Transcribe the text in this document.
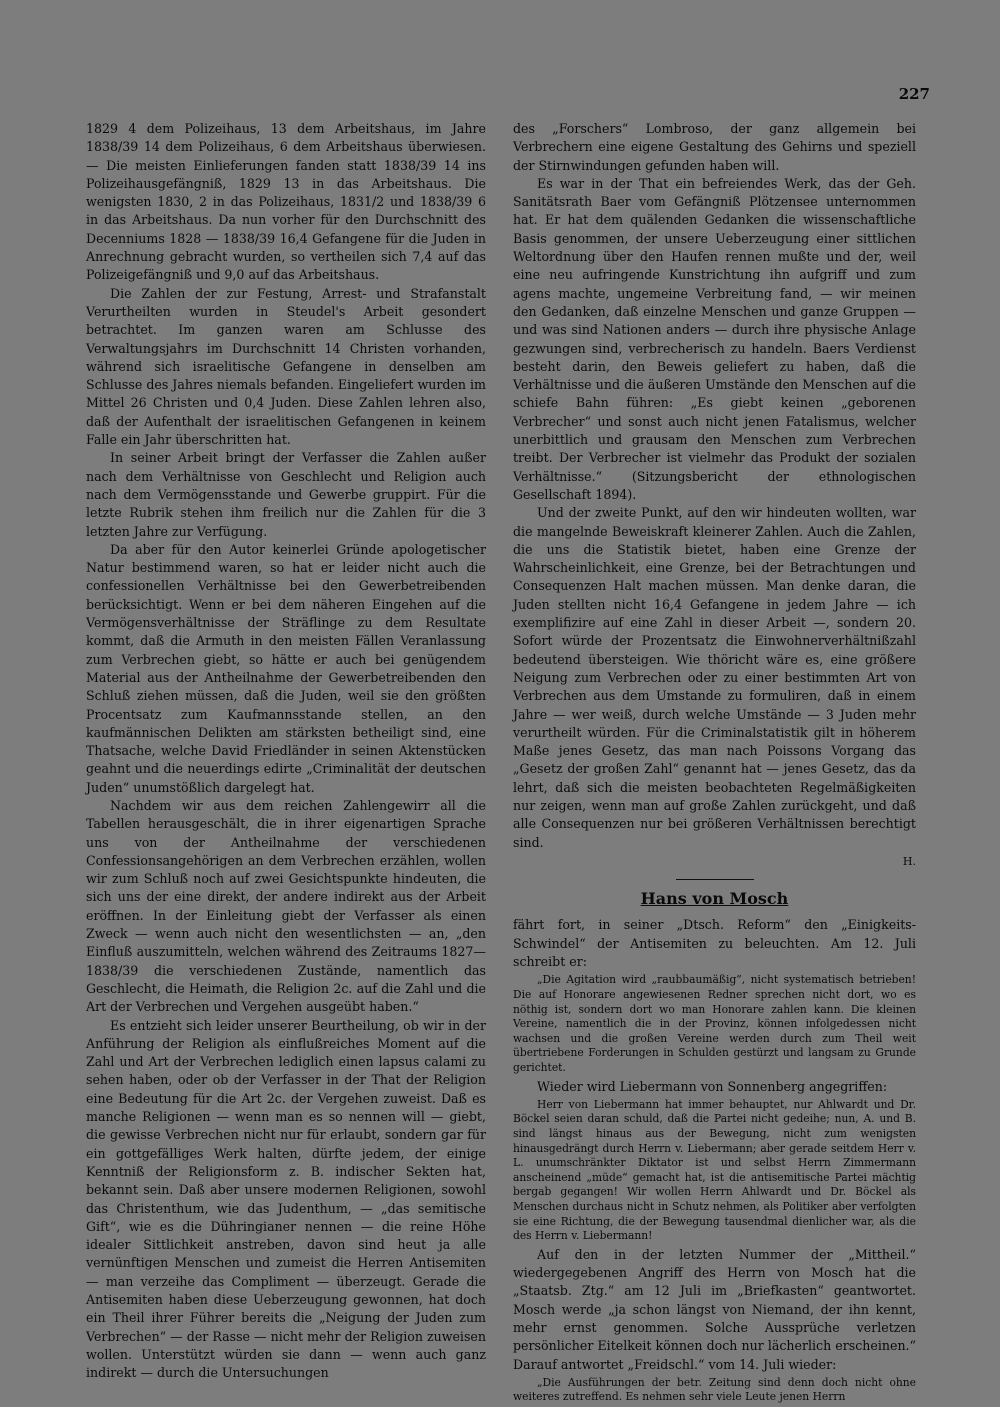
227

1829 4 dem Polizeihaus, 13 dem Arbeitshaus, im Jahre 1838/39 14 dem Polizeihaus, 6 dem Arbeitshaus überwiesen. — Die meisten Einlieferungen fanden statt 1838/39 14 ins Polizeihausgefängniß, 1829 13 in das Arbeitshaus. Die wenigsten 1830, 2 in das Polizeihaus, 1831/2 und 1838/39 6 in das Arbeitshaus. Da nun vorher für den Durchschnitt des Decenniums 1828 — 1838/39 16,4 Gefangene für die Juden in Anrechnung gebracht wurden, so vertheilen sich 7,4 auf das Polizeigefängniß und 9,0 auf das Arbeitshaus.

Die Zahlen der zur Festung, Arrest- und Strafanstalt Verurtheilten wurden in Steudel's Arbeit gesondert betrachtet. Im ganzen waren am Schlusse des Verwaltungsjahrs im Durchschnitt 14 Christen vorhanden, während sich israelitische Gefangene in denselben am Schlusse des Jahres niemals befanden. Eingeliefert wurden im Mittel 26 Christen und 0,4 Juden. Diese Zahlen lehren also, daß der Aufenthalt der israelitischen Gefangenen in keinem Falle ein Jahr überschritten hat.

In seiner Arbeit bringt der Verfasser die Zahlen außer nach dem Verhältnisse von Geschlecht und Religion auch nach dem Vermögensstande und Gewerbe gruppirt. Für die letzte Rubrik stehen ihm freilich nur die Zahlen für die 3 letzten Jahre zur Verfügung.

Da aber für den Autor keinerlei Gründe apologetischer Natur bestimmend waren, so hat er leider nicht auch die confessionellen Verhältnisse bei den Gewerbetreibenden berücksichtigt. Wenn er bei dem näheren Eingehen auf die Vermögensverhältnisse der Sträflinge zu dem Resultate kommt, daß die Armuth in den meisten Fällen Veranlassung zum Verbrechen giebt, so hätte er auch bei genügendem Material aus der Antheilnahme der Gewerbetreibenden den Schluß ziehen müssen, daß die Juden, weil sie den größten Procentsatz zum Kaufmannsstande stellen, an den kaufmännischen Delikten am stärksten betheiligt sind, eine Thatsache, welche David Friedländer in seinen Aktenstücken geahnt und die neuerdings edirte „Criminalität der deutschen Juden“ unumstößlich dargelegt hat.

Nachdem wir aus dem reichen Zahlengewirr all die Tabellen herausgeschält, die in ihrer eigenartigen Sprache uns von der Antheilnahme der verschiedenen Confessionsangehörigen an dem Verbrechen erzählen, wollen wir zum Schluß noch auf zwei Gesichtspunkte hindeuten, die sich uns der eine direkt, der andere indirekt aus der Arbeit eröffnen. In der Einleitung giebt der Verfasser als einen Zweck — wenn auch nicht den wesentlichsten — an, „den Einfluß auszumitteln, welchen während des Zeitraums 1827—1838/39 die verschiedenen Zustände, namentlich das Geschlecht, die Heimath, die Religion 2c. auf die Zahl und die Art der Verbrechen und Vergehen ausgeübt haben.“

Es entzieht sich leider unserer Beurtheilung, ob wir in der Anführung der Religion als einflußreiches Moment auf die Zahl und Art der Verbrechen lediglich einen lapsus calami zu sehen haben, oder ob der Verfasser in der That der Religion eine Bedeutung für die Art 2c. der Vergehen zuweist. Daß es manche Religionen — wenn man es so nennen will — giebt, die gewisse Verbrechen nicht nur für erlaubt, sondern gar für ein gottgefälliges Werk halten, dürfte jedem, der einige Kenntniß der Religionsform z. B. indischer Sekten hat, bekannt sein. Daß aber unsere modernen Religionen, sowohl das Christenthum, wie das Judenthum, — „das semitische Gift“, wie es die Dühringianer nennen — die reine Höhe idealer Sittlichkeit anstreben, davon sind heut ja alle vernünftigen Menschen und zumeist die Herren Antisemiten — man verzeihe das Compliment — überzeugt. Gerade die Antisemiten haben diese Ueberzeugung gewonnen, hat doch ein Theil ihrer Führer bereits die „Neigung der Juden zum Verbrechen“ — der Rasse — nicht mehr der Religion zuweisen wollen. Unterstützt würden sie dann — wenn auch ganz indirekt — durch die Untersuchungen

des „Forschers“ Lombroso, der ganz allgemein bei Verbrechern eine eigene Gestaltung des Gehirns und speziell der Stirnwindungen gefunden haben will.

Es war in der That ein befreiendes Werk, das der Geh. Sanitätsrath Baer vom Gefängniß Plötzensee unternommen hat. Er hat dem quälenden Gedanken die wissenschaftliche Basis genommen, der unsere Ueberzeugung einer sittlichen Weltordnung über den Haufen rennen mußte und der, weil eine neu aufringende Kunstrichtung ihn aufgriff und zum agens machte, ungemeine Verbreitung fand, — wir meinen den Gedanken, daß einzelne Menschen und ganze Gruppen — und was sind Nationen anders — durch ihre physische Anlage gezwungen sind, verbrecherisch zu handeln. Baers Verdienst besteht darin, den Beweis geliefert zu haben, daß die Verhältnisse und die äußeren Umstände den Menschen auf die schiefe Bahn führen: „Es giebt keinen „geborenen Verbrecher“ und sonst auch nicht jenen Fatalismus, welcher unerbittlich und grausam den Menschen zum Verbrechen treibt. Der Verbrecher ist vielmehr das Produkt der sozialen Verhältnisse.“ (Sitzungsbericht der ethnologischen Gesellschaft 1894).

Und der zweite Punkt, auf den wir hindeuten wollten, war die mangelnde Beweiskraft kleinerer Zahlen. Auch die Zahlen, die uns die Statistik bietet, haben eine Grenze der Wahrscheinlichkeit, eine Grenze, bei der Betrachtungen und Consequenzen Halt machen müssen. Man denke daran, die Juden stellten nicht 16,4 Gefangene in jedem Jahre — ich exemplifizire auf eine Zahl in dieser Arbeit —, sondern 20. Sofort würde der Prozentsatz die Einwohnerverhältnißzahl bedeutend übersteigen. Wie thöricht wäre es, eine größere Neigung zum Verbrechen oder zu einer bestimmten Art von Verbrechen aus dem Umstande zu formuliren, daß in einem Jahre — wer weiß, durch welche Umstände — 3 Juden mehr verurtheilt würden. Für die Criminalstatistik gilt in höherem Maße jenes Gesetz, das man nach Poissons Vorgang das „Gesetz der großen Zahl“ genannt hat — jenes Gesetz, das da lehrt, daß sich die meisten beobachteten Regelmäßigkeiten nur zeigen, wenn man auf große Zahlen zurückgeht, und daß alle Consequenzen nur bei größeren Verhältnissen berechtigt sind.

H.

Hans von Mosch

fährt fort, in seiner „Dtsch. Reform“ den „Einigkeits-Schwindel“ der Antisemiten zu beleuchten. Am 12. Juli schreibt er:

„Die Agitation wird „raubbaumäßig“, nicht systematisch betrieben! Die auf Honorare angewiesenen Redner sprechen nicht dort, wo es nöthig ist, sondern dort wo man Honorare zahlen kann. Die kleinen Vereine, namentlich die in der Provinz, können infolgedessen nicht wachsen und die großen Vereine werden durch zum Theil weit übertriebene Forderungen in Schulden gestürzt und langsam zu Grunde gerichtet.

Wieder wird Liebermann von Sonnenberg angegriffen:

Herr von Liebermann hat immer behauptet, nur Ahlwardt und Dr. Böckel seien daran schuld, daß die Partei nicht gedeihe; nun, A. und B. sind längst hinaus aus der Bewegung, nicht zum wenigsten hinausgedrängt durch Herrn v. Liebermann; aber gerade seitdem Herr v. L. unumschränkter Diktator ist und selbst Herrn Zimmermann anscheinend „müde“ gemacht hat, ist die antisemitische Partei mächtig bergab gegangen! Wir wollen Herrn Ahlwardt und Dr. Böckel als Menschen durchaus nicht in Schutz nehmen, als Politiker aber verfolgten sie eine Richtung, die der Bewegung tausendmal dienlicher war, als die des Herrn v. Liebermann!

Auf den in der letzten Nummer der „Mittheil.“ wiedergegebenen Angriff des Herrn von Mosch hat die „Staatsb. Ztg.“ am 12 Juli im „Briefkasten“ geantwortet. Mosch werde „ja schon längst von Niemand, der ihn kennt, mehr ernst genommen. Solche Aussprüche verletzen persönlicher Eitelkeit können doch nur lächerlich erscheinen.“ Darauf antwortet „Freidschl.“ vom 14. Juli wieder:

„Die Ausführungen der betr. Zeitung sind denn doch nicht ohne weiteres zutreffend. Es nehmen sehr viele Leute jenen Herrn
